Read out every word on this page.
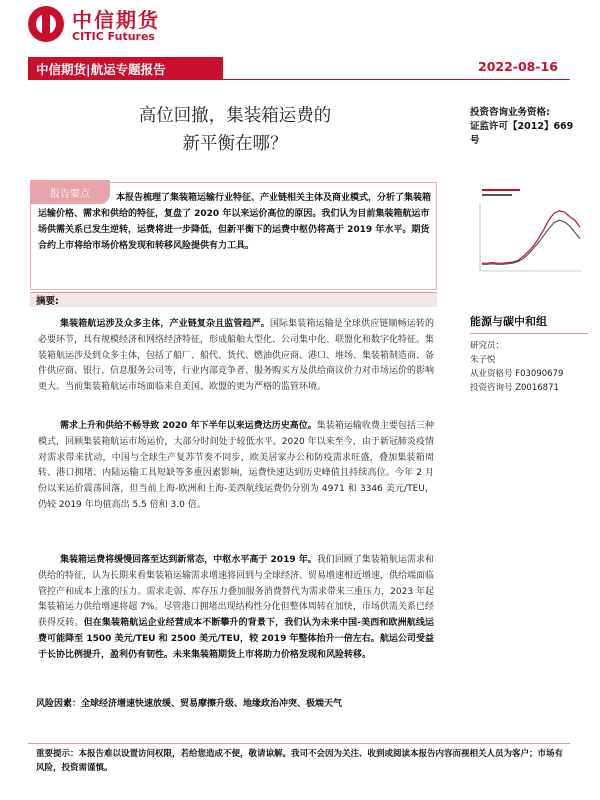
中信期货
CITIC Futures
中信期货|航运专题报告	2022-08-16
高位回撤，集装箱运费的
新平衡在哪？
投资咨询业务资格:
证监许可【2012】669 号
报告要点	本报告梳理了集装箱运输行业特征、产业链相关主体及商业模式，分析了集装箱运输价格、需求和供给的特征，复盘了 2020 年以来运价高位的原因。我们认为目前集装箱航运市场供需关系已发生逆转，运费将进一步降低，但新平衡下的运费中枢仍将高于 2019 年水平。期货合约上市将给市场价格发现和转移风险提供有力工具。
摘要:
集装箱航运涉及众多主体，产业链复杂且监管趋严。国际集装箱运输是全球供应链顺畅运转的必要环节，具有规模经济和网络经济特征，形成船舶大型化、公司集中化、联盟化和数字化特征。集装箱航运涉及到众多主体，包括了船厂、船代、货代、燃油供应商、港口、堆场、集装箱制造商、备件供应商、银行、信息服务公司等，行业内部竞争者、服务购买方及供给商议价力对市场运价的影响更大。当前集装箱航运市场面临来自美国、欧盟的更为严格的监管环境。
需求上升和供给不畅导致 2020 年下半年以来运费达历史高位。集装箱运输收费主要包括三种模式，回顾集装箱航运市场运价，大部分时间处于较低水平。2020 年以来至今，由于新冠肺炎疫情对需求带来扰动，中国与全球生产复苏节奏不同步，欧美居家办公和防疫需求旺盛，叠加集装箱周转、港口拥堵、内陆运输工具短缺等多重因素影响，运费快速达到历史峰值且持续高位。今年 2 月份以来运价震荡回落，但当前上海-欧洲和上海-美西航线运费仍分别为 4971 和 3346 美元/TEU，仍较 2019 年均值高出 5.5 倍和 3.0 倍。
集装箱运费将缓慢回落至达到新常态，中枢水平高于 2019 年。我们回顾了集装箱航运需求和供给的特征，认为长期来看集装箱运输需求增速将回到与全球经济、贸易增速相近增速，供给端面临管控产和成本上涨的压力。需求走弱、库存压力叠加服务消费替代为需求带来三重压力，2023 年起集装箱运力供给增速将超 7%。尽管港口拥堵出现结构性分化但整体周转在加快，市场供需关系已经获得反转。但在集装箱航运企业经营成本不断攀升的背景下，我们认为未来中国-美西和欧洲航线运费可能降至 1500 美元/TEU 和 2500 美元/TEU，较 2019 年整体抬升一倍左右。航运公司受益于长协比例提升，盈利仍有韧性。未来集装箱期货上市将助力价格发现和风险转移。
能源与碳中和组
研究员：
朱子悦
从业资格号 F03090679
投资咨询号 Z0016871
风险因素：全球经济增速快速放缓、贸易摩擦升级、地缘政治冲突、极端天气
重要提示：本报告难以设置访问权限，若给您造成不便，敬请谅解。我司不会因为关注、收到或阅读本报告内容而视相关人员为客户；市场有风险，投资需谨慎。
